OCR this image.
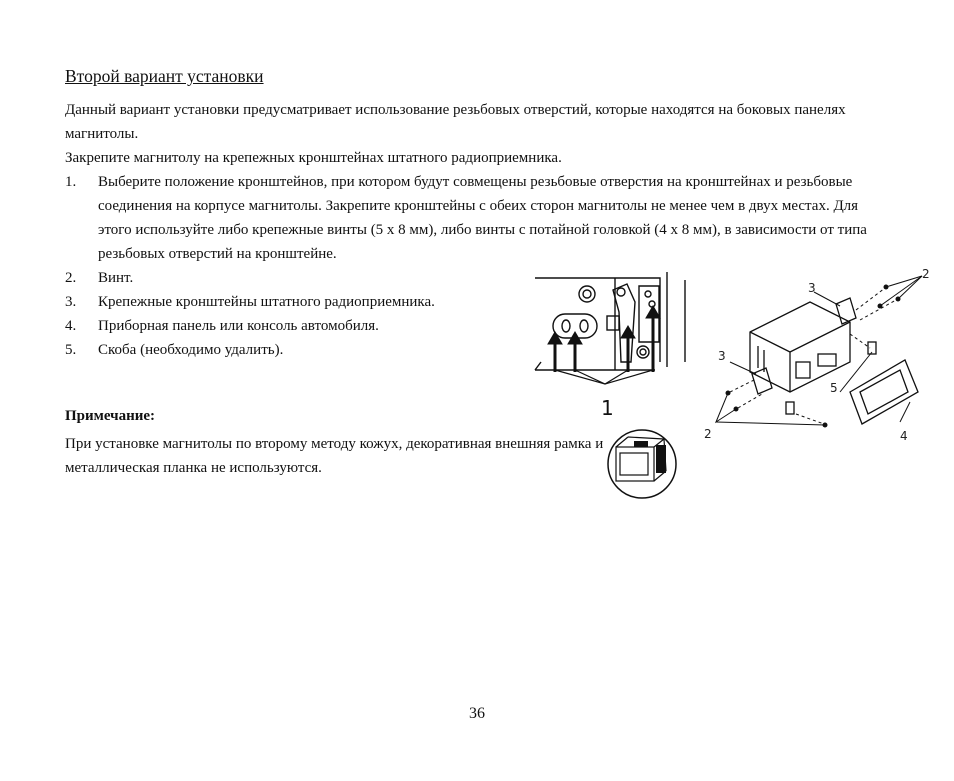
Второй вариант установки
Данный вариант установки предусматривает использование резьбовых отверстий, которые находятся на боковых панелях магнитолы.
Закрепите магнитолу на крепежных кронштейнах штатного радиоприемника.
1.	Выберите положение кронштейнов, при котором будут совмещены резьбовые отверстия на кронштейнах и резьбовые соединения на корпусе магнитолы. Закрепите кронштейны с обеих сторон магнитолы не менее чем в двух местах. Для этого используйте либо крепежные винты (5 х 8 мм), либо винты с потайной головкой (4 х 8 мм), в зависимости от типа резьбовых отверстий на кронштейне.
2.	Винт.
3.	Крепежные кронштейны штатного радиоприемника.
4.	Приборная панель или консоль автомобиля.
5.	Скоба (необходимо удалить).
Примечание:
При установке магнитолы по второму методу кожух, декоративная внешняя рамка и металлическая планка не используются.
1
2
3
3
5
2	4
36
